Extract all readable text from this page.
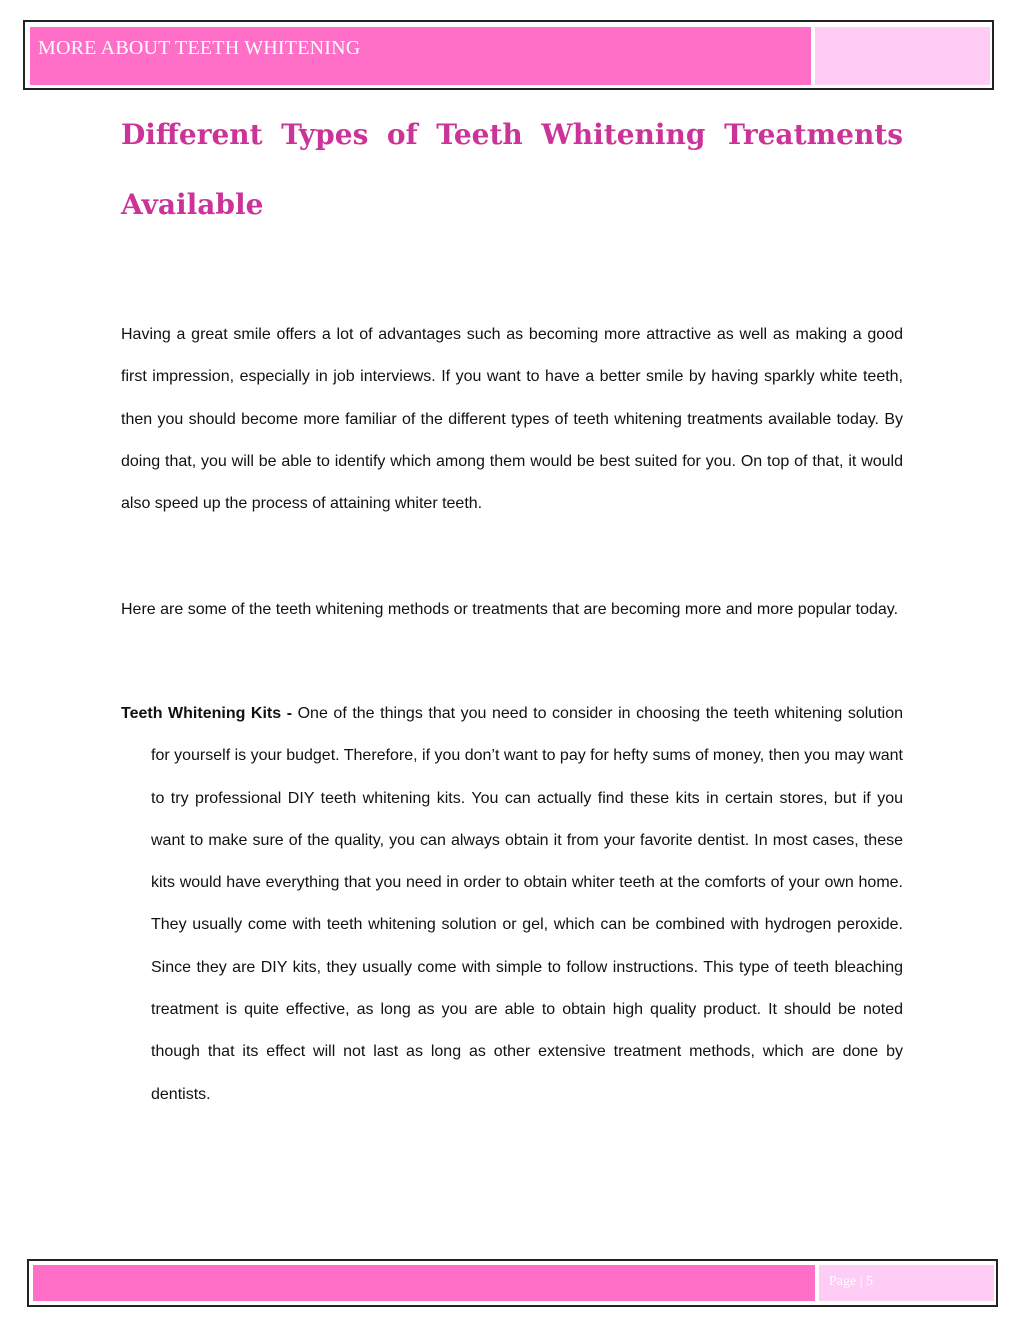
MORE ABOUT TEETH WHITENING
Different Types of Teeth Whitening Treatments
Available

Having a great smile offers a lot of advantages such as becoming more attractive as well as making a good first impression, especially in job interviews. If you want to have a better smile by having sparkly white teeth, then you should become more familiar of the different types of teeth whitening treatments available today. By doing that, you will be able to identify which among them would be best suited for you. On top of that, it would also speed up the process of attaining whiter teeth.

Here are some of the teeth whitening methods or treatments that are becoming more and more popular today.

Teeth Whitening Kits - One of the things that you need to consider in choosing the teeth whitening solution for yourself is your budget. Therefore, if you don’t want to pay for hefty sums of money, then you may want to try professional DIY teeth whitening kits. You can actually find these kits in certain stores, but if you want to make sure of the quality, you can always obtain it from your favorite dentist. In most cases, these kits would have everything that you need in order to obtain whiter teeth at the comforts of your own home. They usually come with teeth whitening solution or gel, which can be combined with hydrogen peroxide. Since they are DIY kits, they usually come with simple to follow instructions. This type of teeth bleaching treatment is quite effective, as long as you are able to obtain high quality product. It should be noted though that its effect will not last as long as other extensive treatment methods, which are done by dentists.

Page | 5
